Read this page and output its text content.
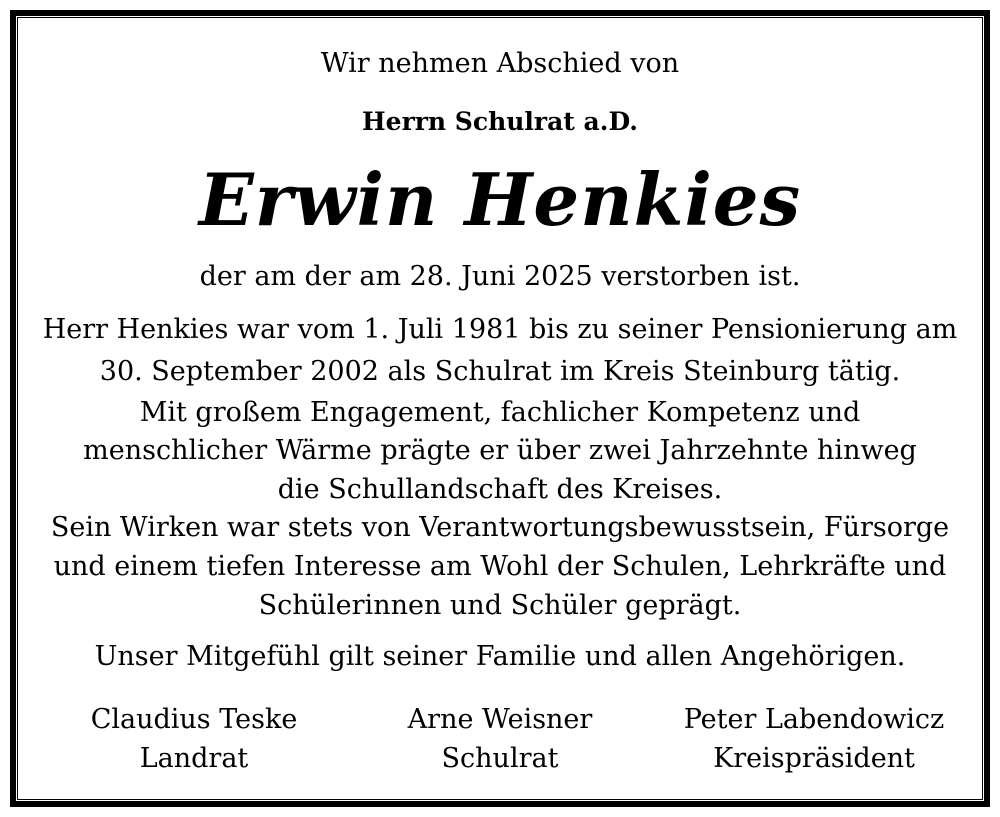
Wir nehmen Abschied von
Herrn Schulrat a.D.
Erwin Henkies
der am der am 28. Juni 2025 verstorben ist.
Herr Henkies war vom 1. Juli 1981 bis zu seiner Pensionierung am
30. September 2002 als Schulrat im Kreis Steinburg tätig.
Mit großem Engagement, fachlicher Kompetenz und
menschlicher Wärme prägte er über zwei Jahrzehnte hinweg
die Schullandschaft des Kreises.
Sein Wirken war stets von Verantwortungsbewusstsein, Fürsorge
und einem tiefen Interesse am Wohl der Schulen, Lehrkräfte und
Schülerinnen und Schüler geprägt.
Unser Mitgefühl gilt seiner Familie und allen Angehörigen.
Claudius Teske
Landrat
Arne Weisner
Schulrat
Peter Labendowicz
Kreispräsident
